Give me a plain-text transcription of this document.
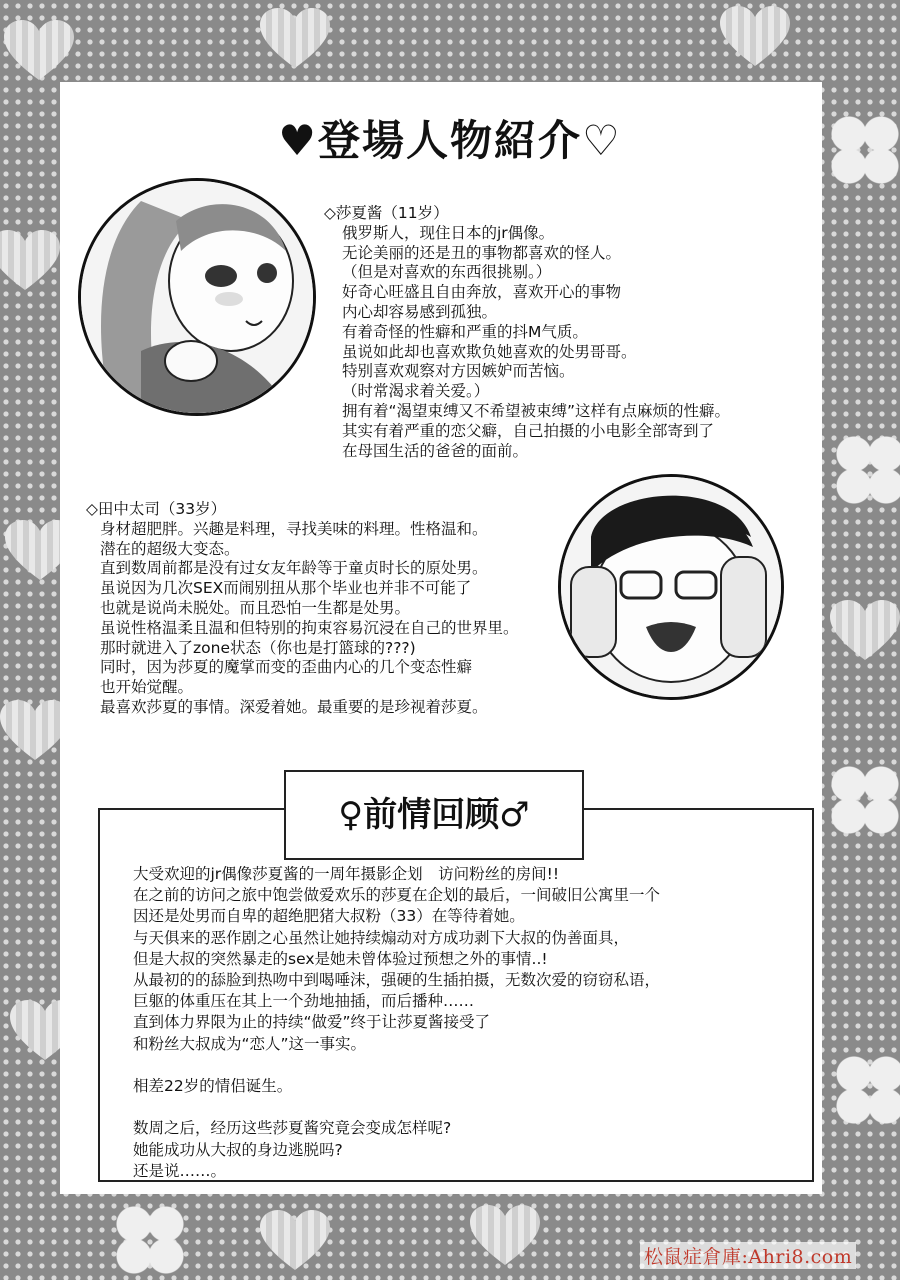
♥登場人物紹介♡
◇莎夏酱（11岁）
俄罗斯人，现住日本的jr偶像。
无论美丽的还是丑的事物都喜欢的怪人。
（但是对喜欢的东西很挑剔。）
好奇心旺盛且自由奔放，喜欢开心的事物
内心却容易感到孤独。
有着奇怪的性癖和严重的抖M气质。
虽说如此却也喜欢欺负她喜欢的处男哥哥。
特别喜欢观察对方因嫉妒而苦恼。
（时常渴求着关爱。）
拥有着“渴望束缚又不希望被束缚”这样有点麻烦的性癖。
其实有着严重的恋父癖，自己拍摄的小电影全部寄到了
在母国生活的爸爸的面前。
◇田中太司（33岁）
身材超肥胖。兴趣是料理，寻找美味的料理。性格温和。
潜在的超级大变态。
直到数周前都是没有过女友年龄等于童贞时长的原处男。
虽说因为几次SEX而闹别扭从那个毕业也并非不可能了
也就是说尚未脱处。而且恐怕一生都是处男。
虽说性格温柔且温和但特别的拘束容易沉浸在自己的世界里。
那时就进入了zone状态（你也是打篮球的???)
同时，因为莎夏的魔掌而变的歪曲内心的几个变态性癖
也开始觉醒。
最喜欢莎夏的事情。深爱着她。最重要的是珍视着莎夏。
♀前情回顾♂
大受欢迎的jr偶像莎夏酱的一周年摄影企划　访问粉丝的房间!!
在之前的访问之旅中饱尝做爱欢乐的莎夏在企划的最后，一间破旧公寓里一个
因还是处男而自卑的超绝肥猪大叔粉（33）在等待着她。
与天俱来的恶作剧之心虽然让她持续煽动对方成功剥下大叔的伪善面具，
但是大叔的突然暴走的sex是她未曾体验过预想之外的事情..!
从最初的的舔脸到热吻中到喝唾沫，强硬的生插拍摄，无数次爱的窃窃私语，
巨躯的体重压在其上一个劲地抽插，而后播种……
直到体力界限为止的持续“做爱”终于让莎夏酱接受了
和粉丝大叔成为“恋人”这一事实。
相差22岁的情侣诞生。
数周之后，经历这些莎夏酱究竟会变成怎样呢?
她能成功从大叔的身边逃脱吗?
还是说……。
松鼠症倉庫:Ahri8.com
